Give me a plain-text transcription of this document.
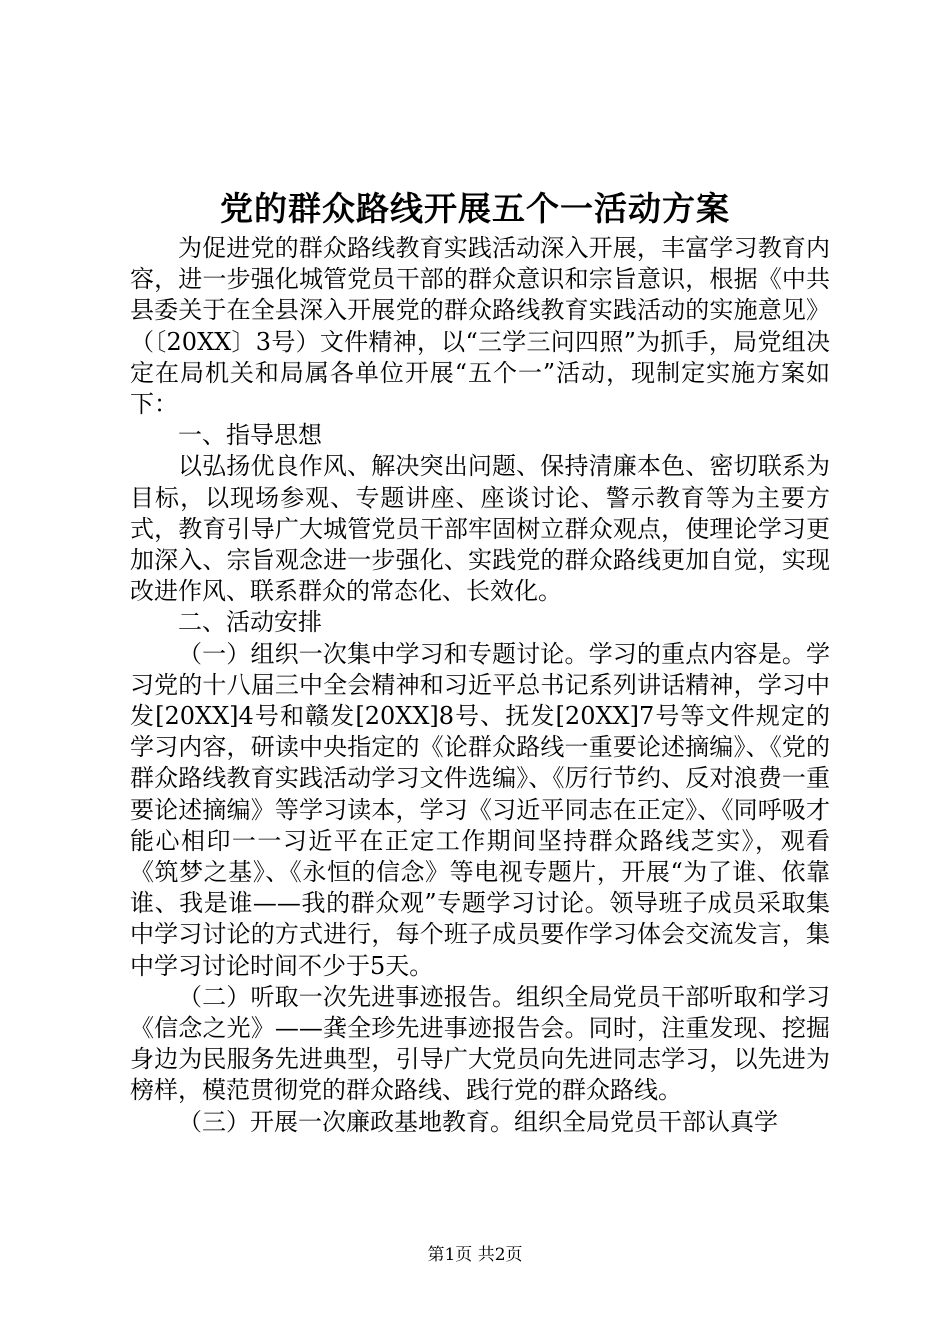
党的群众路线开展五个一活动方案

为促进党的群众路线教育实践活动深入开展，丰富学习教育内容，进一步强化城管党员干部的群众意识和宗旨意识，根据《中共县委关于在全县深入开展党的群众路线教育实践活动的实施意见》（〔20XX〕3号）文件精神，以“三学三问四照”为抓手，局党组决定在局机关和局属各单位开展“五个一”活动，现制定实施方案如下：

一、指导思想

以弘扬优良作风、解决突出问题、保持清廉本色、密切联系为目标，以现场参观、专题讲座、座谈讨论、警示教育等为主要方式，教育引导广大城管党员干部牢固树立群众观点，使理论学习更加深入、宗旨观念进一步强化、实践党的群众路线更加自觉，实现改进作风、联系群众的常态化、长效化。

二、活动安排

（一）组织一次集中学习和专题讨论。学习的重点内容是。学习党的十八届三中全会精神和习近平总书记系列讲话精神，学习中发[20XX]4号和赣发[20XX]8号、抚发[20XX]7号等文件规定的学习内容，研读中央指定的《论群众路线一重要论述摘编》、《党的群众路线教育实践活动学习文件选编》、《厉行节约、反对浪费一重要论述摘编》等学习读本，学习《习近平同志在正定》、《同呼吸才能心相印一一习近平在正定工作期间坚持群众路线芝实》，观看《筑梦之基》、《永恒的信念》等电视专题片，开展“为了谁、依靠谁、我是谁——我的群众观”专题学习讨论。领导班子成员采取集中学习讨论的方式进行，每个班子成员要作学习体会交流发言，集中学习讨论时间不少于5天。

（二）听取一次先进事迹报告。组织全局党员干部听取和学习《信念之光》——龚全珍先进事迹报告会。同时，注重发现、挖掘身边为民服务先进典型，引导广大党员向先进同志学习，以先进为榜样，模范贯彻党的群众路线、践行党的群众路线。

（三）开展一次廉政基地教育。组织全局党员干部认真学

第1页 共2页
